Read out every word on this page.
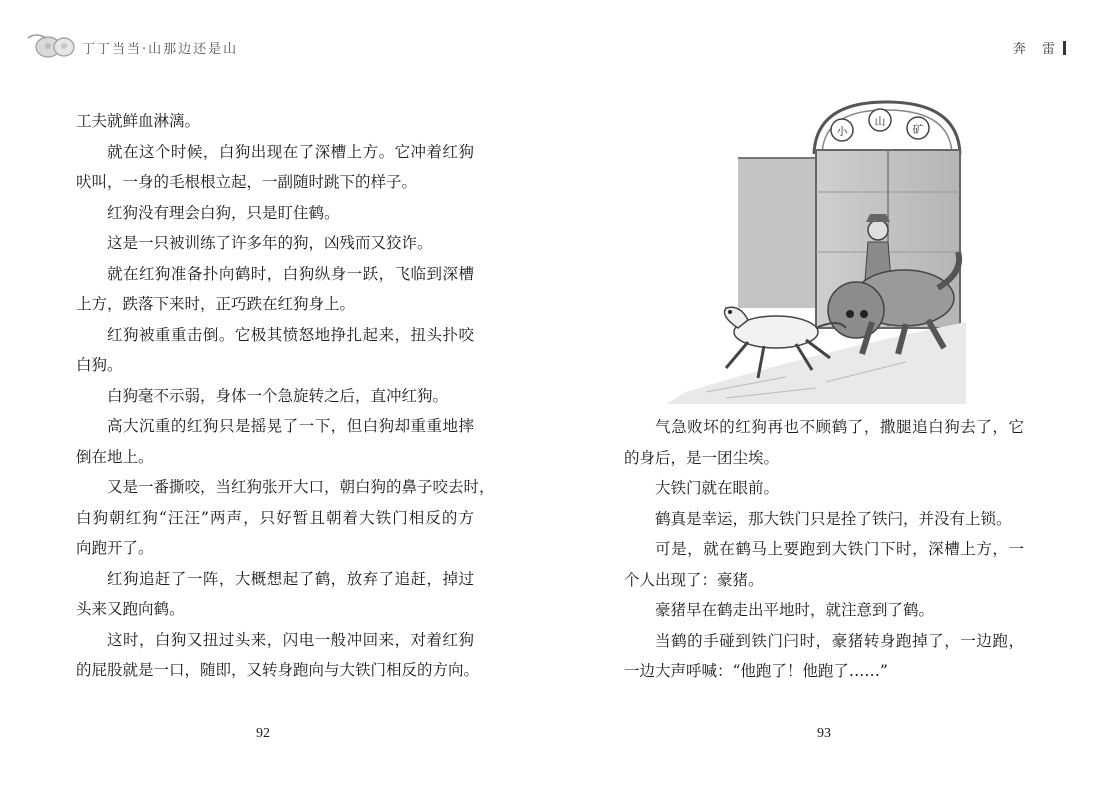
丁丁当当·山那边还是山
工夫就鲜血淋漓。
就在这个时候，白狗出现在了深槽上方。它冲着红狗
吠叫，一身的毛根根立起，一副随时跳下的样子。
红狗没有理会白狗，只是盯住鹤。
这是一只被训练了许多年的狗，凶残而又狡诈。
就在红狗准备扑向鹤时，白狗纵身一跃，飞临到深槽
上方，跌落下来时，正巧跌在红狗身上。
红狗被重重击倒。它极其愤怒地挣扎起来，扭头扑咬
白狗。
白狗毫不示弱，身体一个急旋转之后，直冲红狗。
高大沉重的红狗只是摇晃了一下，但白狗却重重地摔
倒在地上。
又是一番撕咬，当红狗张开大口，朝白狗的鼻子咬去时，
白狗朝红狗“汪汪”两声，只好暂且朝着大铁门相反的方
向跑开了。
红狗追赶了一阵，大概想起了鹤，放弃了追赶，掉过
头来又跑向鹤。
这时，白狗又扭过头来，闪电一般冲回来，对着红狗
的屁股就是一口，随即，又转身跑向与大铁门相反的方向。
92
奔 雷
小
山
矿
气急败坏的红狗再也不顾鹤了，撒腿追白狗去了，它
的身后，是一团尘埃。
大铁门就在眼前。
鹤真是幸运，那大铁门只是拴了铁闩，并没有上锁。
可是，就在鹤马上要跑到大铁门下时，深槽上方，一
个人出现了：豪猪。
豪猪早在鹤走出平地时，就注意到了鹤。
当鹤的手碰到铁门闩时，豪猪转身跑掉了，一边跑，
一边大声呼喊：“他跑了！他跑了……”
93
